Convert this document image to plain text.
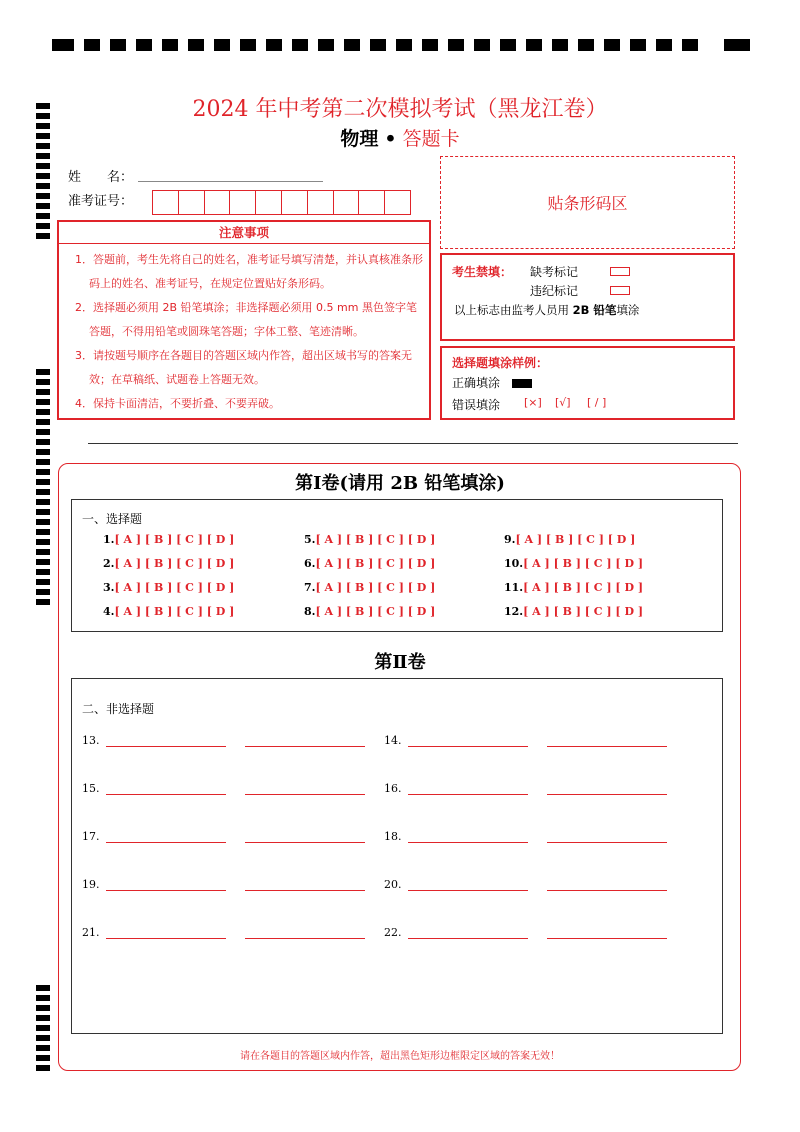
2024 年中考第二次模拟考试（黑龙江卷）
物理 • 答题卡
姓　　名：
准考证号：	贴条形码区
注意事项
1．答题前，考生先将自己的姓名，准考证号填写清楚，并认真核准条形码上的姓名、准考证号，在规定位置贴好条形码。
2．选择题必须用 2B 铅笔填涂；非选择题必须用 0.5 mm 黑色签字笔答题，不得用铅笔或圆珠笔答题；字体工整、笔迹清晰。
3．请按题号顺序在各题目的答题区域内作答，超出区域书写的答案无效；在草稿纸、试题卷上答题无效。
4．保持卡面清洁，不要折叠、不要弄破。
考生禁填： 缺考标记
违纪标记
以上标志由监考人员用 2B 铅笔填涂
选择题填涂样例：
正确填涂
错误填涂 [×] [√] [ / ]
第Ⅰ卷(请用 2B 铅笔填涂)
一、选择题
1.[ A ] [ B ] [ C ] [ D ]
2.[ A ] [ B ] [ C ] [ D ]
3.[ A ] [ B ] [ C ] [ D ]
4.[ A ] [ B ] [ C ] [ D ]
5.[ A ] [ B ] [ C ] [ D ]
6.[ A ] [ B ] [ C ] [ D ]
7.[ A ] [ B ] [ C ] [ D ]
8.[ A ] [ B ] [ C ] [ D ]
9.[ A ] [ B ] [ C ] [ D ]
10.[ A ] [ B ] [ C ] [ D ]
11.[ A ] [ B ] [ C ] [ D ]
12.[ A ] [ B ] [ C ] [ D ]
第Ⅱ卷
二、非选择题
13.	14.
15.	16.
17.	18.
19.	20.
21.	22.
请在各题目的答题区域内作答，超出黑色矩形边框限定区域的答案无效！
